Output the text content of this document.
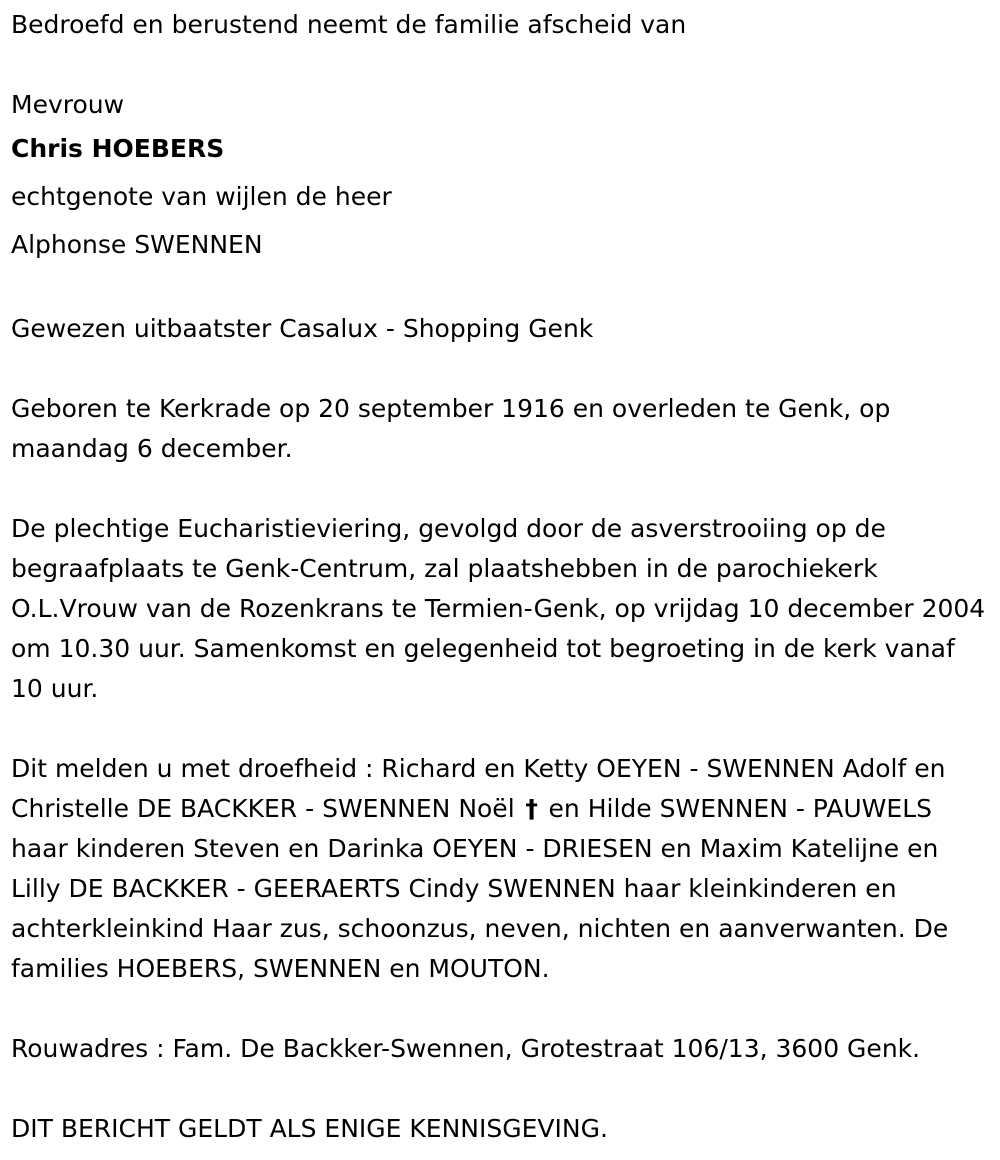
Bedroefd en berustend neemt de familie afscheid van

Mevrouw

Chris HOEBERS

echtgenote van wijlen de heer

Alphonse SWENNEN

Gewezen uitbaatster Casalux - Shopping Genk

Geboren te Kerkrade op 20 september 1916 en overleden te Genk, op maandag 6 december.

De plechtige Eucharistieviering, gevolgd door de asverstrooiing op de begraafplaats te Genk-Centrum, zal plaatshebben in de parochiekerk O.L.Vrouw van de Rozenkrans te Termien-Genk, op vrijdag 10 december 2004 om 10.30 uur. Samenkomst en gelegenheid tot begroeting in de kerk vanaf 10 uur.

Dit melden u met droefheid : Richard en Ketty OEYEN - SWENNEN Adolf en Christelle DE BACKKER - SWENNEN Noël † en Hilde SWENNEN - PAUWELS haar kinderen Steven en Darinka OEYEN - DRIESEN en Maxim Katelijne en Lilly DE BACKKER - GEERAERTS Cindy SWENNEN haar kleinkinderen en achterkleinkind Haar zus, schoonzus, neven, nichten en aanverwanten. De families HOEBERS, SWENNEN en MOUTON.

Rouwadres : Fam. De Backker-Swennen, Grotestraat 106/13, 3600 Genk.

DIT BERICHT GELDT ALS ENIGE KENNISGEVING.
